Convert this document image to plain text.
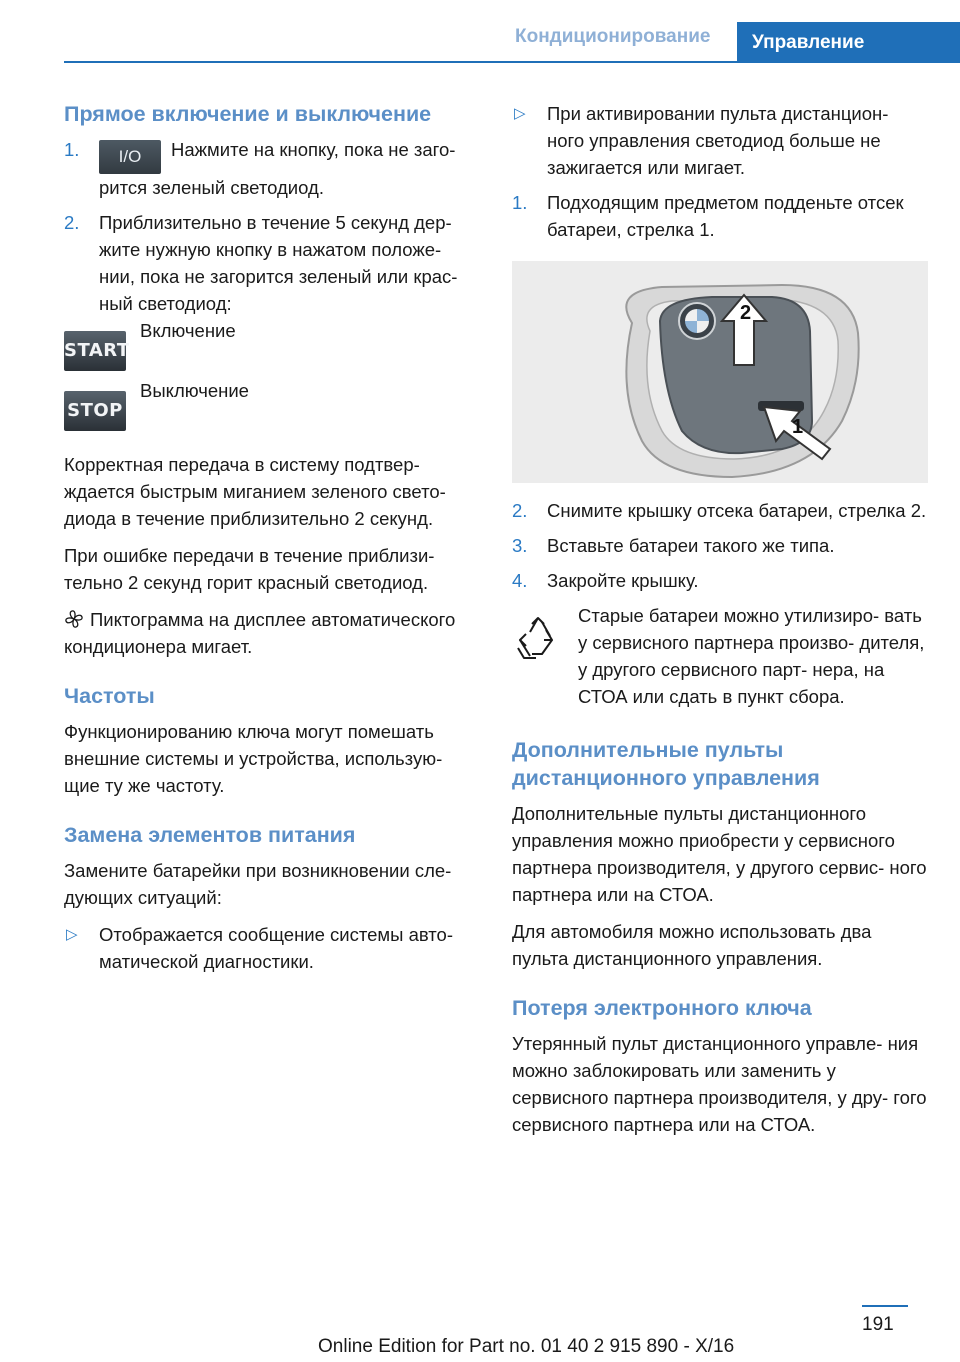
Кондиционирование	Управление
Прямое включение и выключение
1. I/O Нажмите на кнопку, пока не заго- рится зеленый светодиод.
2. Приблизительно в течение 5 секунд дер- жите нужную кнопку в нажатом положе- нии, пока не загорится зеленый или крас- ный светодиод:
START
Включение
STOP
Выключение

Корректная передача в систему подтвер- ждается быстрым миганием зеленого свето- диода в течение приблизительно 2 секунд.

При ошибке передачи в течение приблизи- тельно 2 секунд горит красный светодиод.

Пиктограмма на дисплее автоматического кондиционера мигает.

Частоты

Функционированию ключа могут помешать внешние системы и устройства, использую- щие ту же частоту.

Замена элементов питания

Замените батарейки при возникновении сле- дующих ситуаций:

▷ Отображается сообщение системы авто- матической диагностики.
▷ При активировании пульта дистанцион- ного управления светодиод больше не зажигается или мигает.
1. Подходящим предметом подденьте отсек батареи, стрелка 1.
2
1
2. Снимите крышку отсека батареи, стрелка 2.
3. Вставьте батареи такого же типа.
4. Закройте крышку.
Старые батареи можно утилизиро- вать у сервисного партнера произво- дителя, у другого сервисного парт- нера, на СТОА или сдать в пункт сбора.
Дополнительные пульты дистанционного управления

Дополнительные пульты дистанционного управления можно приобрести у сервисного партнера производителя, у другого сервис- ного партнера или на СТОА.

Для автомобиля можно использовать два пульта дистанционного управления.

Потеря электронного ключа

Утерянный пульт дистанционного управле- ния можно заблокировать или заменить у сервисного партнера производителя, у дру- гого сервисного партнера или на СТОА.

191
Online Edition for Part no. 01 40 2 915 890 - X/16
